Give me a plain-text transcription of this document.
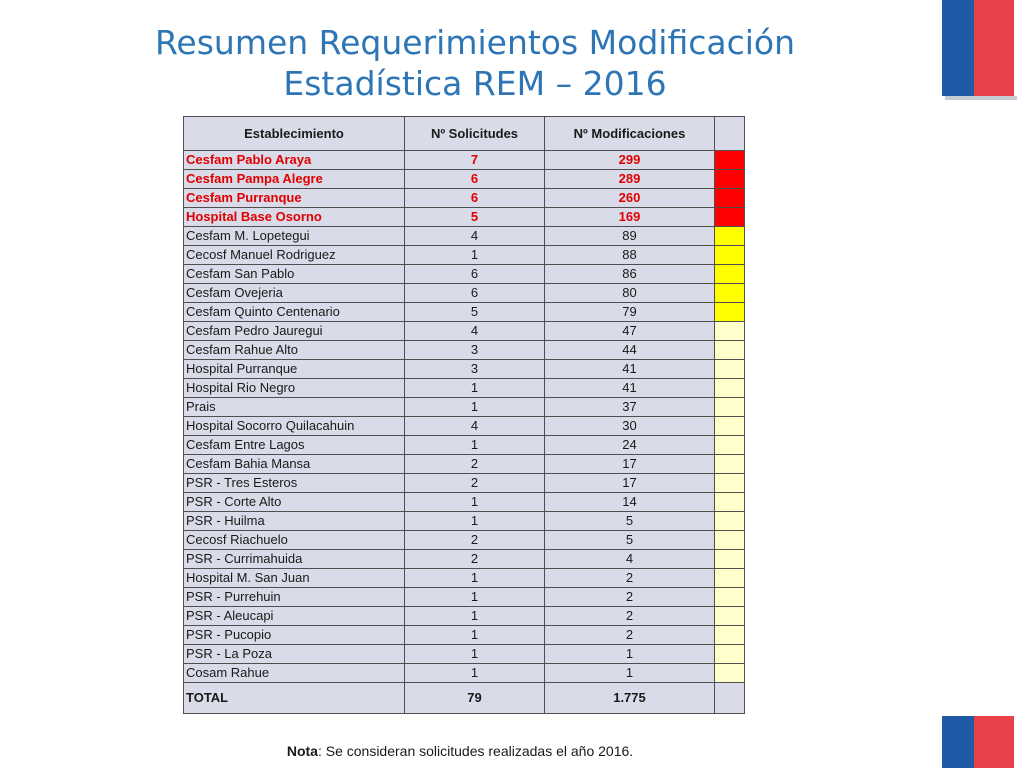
Resumen Requerimientos Modificación
Estadística REM – 2016
Establecimiento	Nº Solicitudes	Nº Modificaciones	
Cesfam Pablo Araya	7	299	
Cesfam Pampa Alegre	6	289	
Cesfam Purranque	6	260	
Hospital Base Osorno	5	169	
Cesfam M. Lopetegui	4	89	
Cecosf Manuel Rodriguez	1	88	
Cesfam San Pablo	6	86	
Cesfam Ovejeria	6	80	
Cesfam Quinto Centenario	5	79	
Cesfam Pedro Jauregui	4	47	
Cesfam Rahue Alto	3	44	
Hospital Purranque	3	41	
Hospital Rio Negro	1	41	
Prais	1	37	
Hospital Socorro Quilacahuin	4	30	
Cesfam Entre Lagos	1	24	
Cesfam Bahia Mansa	2	17	
PSR - Tres Esteros	2	17	
PSR - Corte Alto	1	14	
PSR - Huilma	1	5	
Cecosf Riachuelo	2	5	
PSR - Currimahuida	2	4	
Hospital M. San Juan	1	2	
PSR - Purrehuin	1	2	
PSR - Aleucapi	1	2	
PSR - Pucopio	1	2	
PSR - La Poza	1	1	
Cosam Rahue	1	1	
TOTAL	79	1.775	
Nota: Se consideran solicitudes realizadas el año 2016.
